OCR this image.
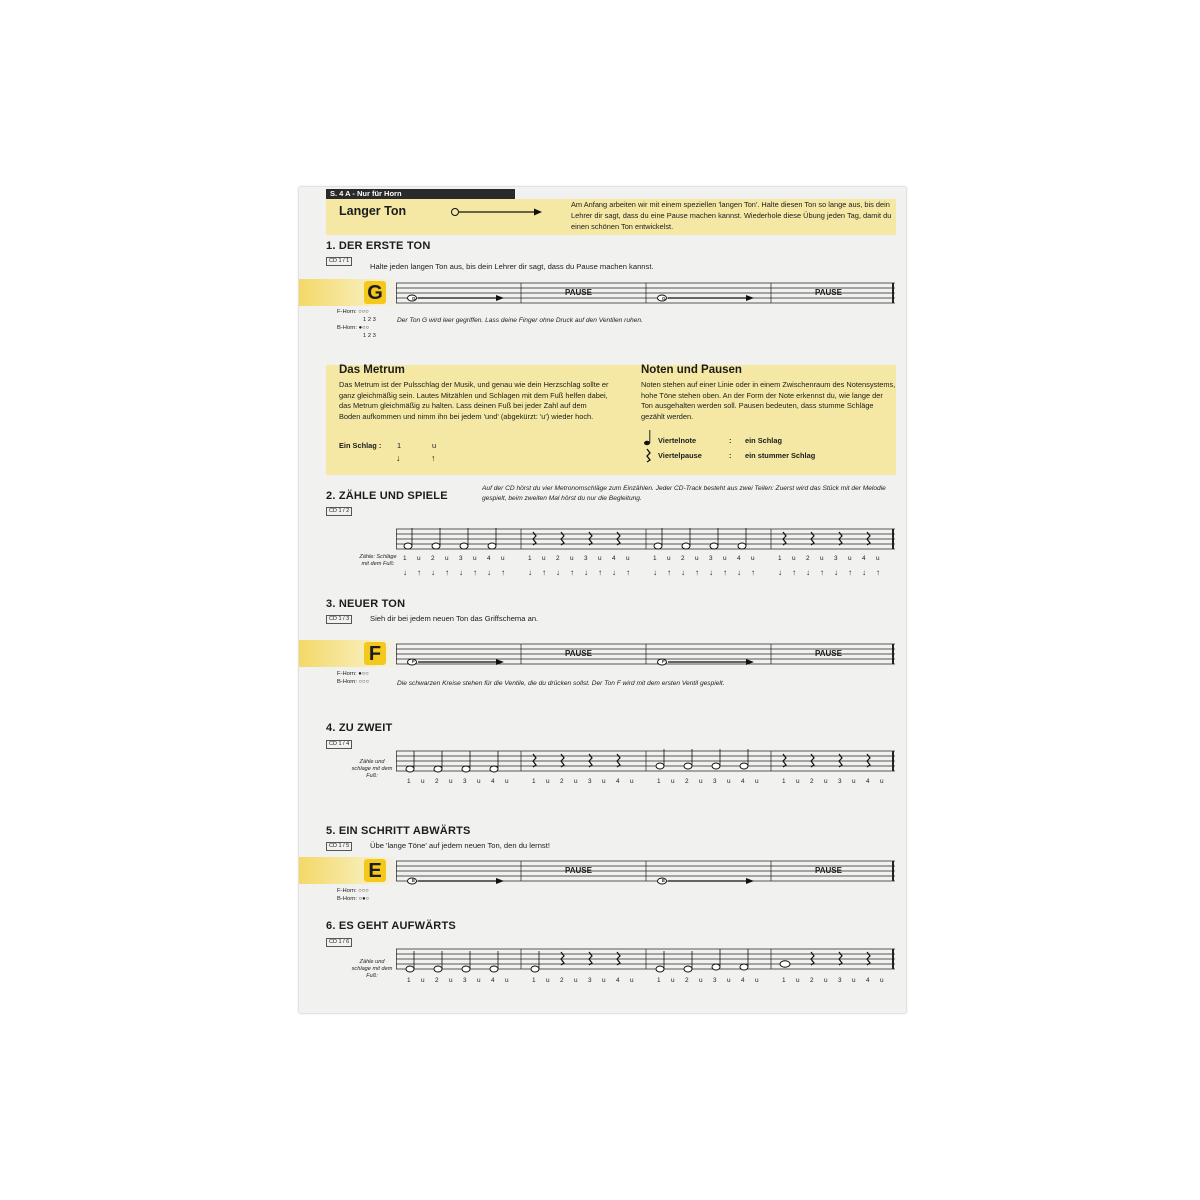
S. 4 A - Nur für Horn
Langer Ton	Am Anfang arbeiten wir mit einem speziellen 'langen Ton'. Halte diesen Ton so lange aus, bis dein Lehrer dir sagt, dass du eine Pause machen kannst. Wiederhole diese Übung jeden Tag, damit du einen schönen Ton entwickelst.
1. DER ERSTE TON
CD 1 / 1
Halte jeden langen Ton aus, bis dein Lehrer dir sagt, dass du Pause machen kannst.
G	G	G
PAUSE	PAUSE
F-Horn: ○○○
1 2 3
B-Horn: ●○○
1 2 3
Der Ton G wird leer gegriffen. Lass deine Finger ohne Druck auf den Ventilen ruhen.
Das Metrum
Das Metrum ist der Pulsschlag der Musik, und genau wie dein Herzschlag sollte er ganz gleichmäßig sein. Lautes Mitzählen und Schlagen mit dem Fuß helfen dabei, das Metrum gleichmäßig zu halten. Lass deinen Fuß bei jeder Zahl auf dem Boden aufkommen und nimm ihn bei jedem 'und' (abgekürzt: 'u') wieder hoch.
Ein Schlag : 1	u
↓	↑
Noten und Pausen
Noten stehen auf einer Linie oder in einem Zwischenraum des Notensystems, hohe Töne stehen oben. An der Form der Note erkennst du, wie lange der Ton ausgehalten werden soll. Pausen bedeuten, dass stumme Schläge gezählt werden.
Viertelnote	: ein Schlag
Viertelpause	: ein stummer Schlag
2. ZÄHLE UND SPIELE
CD 1 / 2
Auf der CD hörst du vier Metronomschläge zum Einzählen. Jeder CD-Track besteht aus zwei Teilen: Zuerst wird das Stück mit der Melodie gespielt, beim zweiten Mal hörst du nur die Begleitung.
Zähle: Schläge mit dem Fuß:
1 u 2 u 3 u 4 u	1 u 2 u 3 u 4 u	1 u 2 u 3 u 4 u	1 u 2 u 3 u 4 u
↓ ↑ ↓ ↑ ↓ ↑ ↓ ↑	↓ ↑ ↓ ↑ ↓ ↑ ↓ ↑	↓ ↑ ↓ ↑ ↓ ↑ ↓ ↑	↓ ↑ ↓ ↑ ↓ ↑ ↓ ↑
3. NEUER TON
CD 1 / 3	Sieh dir bei jedem neuen Ton das Griffschema an.
F	F	F
PAUSE	PAUSE
F-Horn: ●○○
B-Horn: ○○○	Die schwarzen Kreise stehen für die Ventile, die du drücken sollst. Der Ton F wird mit dem ersten Ventil gespielt.
4. ZU ZWEIT
CD 1 / 4
Zähle und schlage mit dem Fuß:
1 u 2 u 3 u 4 u	1 u 2 u 3 u 4 u	1 u 2 u 3 u 4 u	1 u 2 u 3 u 4 u
5. EIN SCHRITT ABWÄRTS
CD 1 / 5	Übe 'lange Töne' auf jedem neuen Ton, den du lernst!
E	E	E
PAUSE	PAUSE
F-Horn: ○○○
B-Horn: ○●○
6. ES GEHT AUFWÄRTS
CD 1 / 6
Zähle und schlage mit dem Fuß:
1 u 2 u 3 u 4 u	1 u 2 u 3 u 4 u	1 u 2 u 3 u 4 u	1 u 2 u 3 u 4 u
